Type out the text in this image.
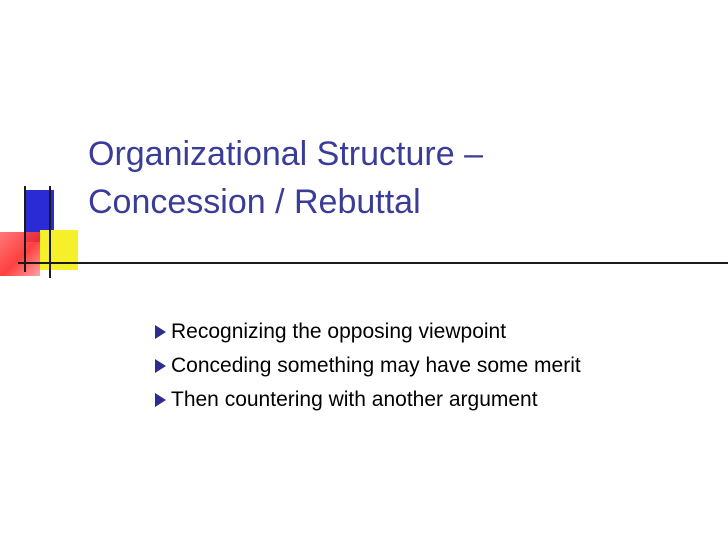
Organizational Structure –
Concession / Rebuttal
Recognizing the opposing viewpoint
Conceding something may have some merit
Then countering with another argument
